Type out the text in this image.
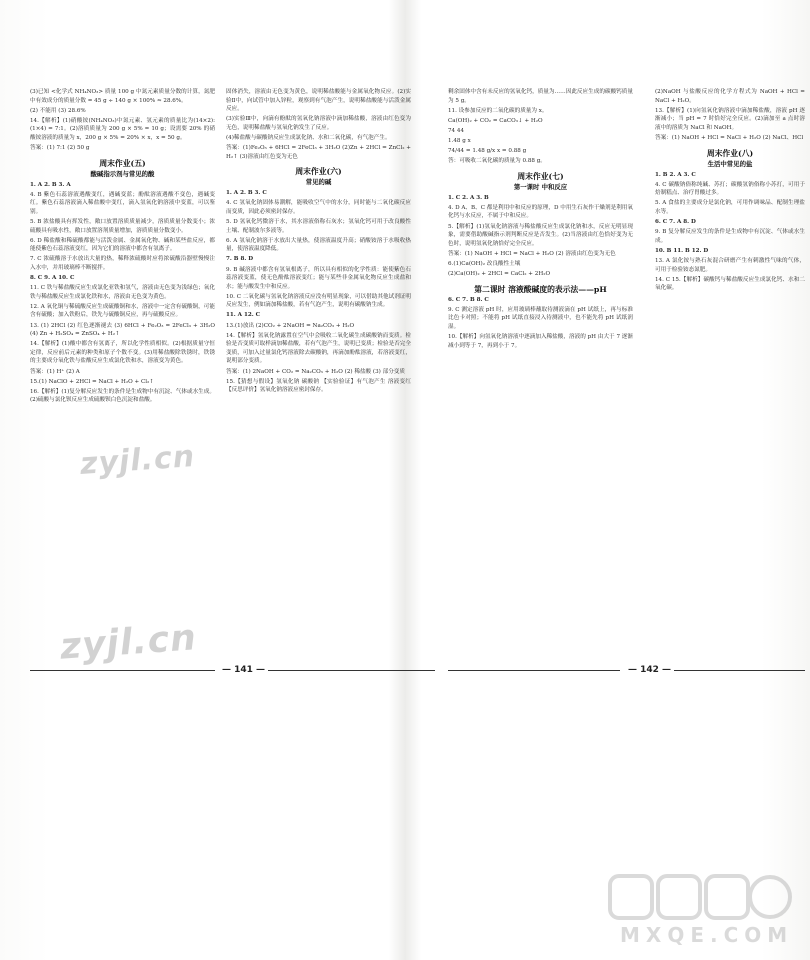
(3)已知 <化学式 NH₄NO₃> 质量 100 g 中氮元素质量分数的计算，氮肥中有效成分的质量分数 = 45 g ÷ 140 g × 100% ≈ 28.6%。

(2) 不能用 (3) 28.6%

14.【解析】(1)硝酸铵(NH₄NO₃)中氮元素、氢元素的质量比为(14×2):(1×4) = 7:1。(2)溶质质量为 200 g × 5% = 10 g；设需要 20% 的硝酸铵溶液的质量为 x，200 g × 5% = 20% × x，x = 50 g。

答案：(1) 7:1 (2) 50 g

周末作业(五)
酸碱指示剂与常见的酸

1. A 2. B 3. A

4. B 紫色石蕊溶液遇酸变红，遇碱变蓝；酚酞溶液遇酸不变色，遇碱变红。紫色石蕊溶液滴入稀盐酸中变红，滴入氢氧化钠溶液中变蓝，可以鉴别。

5. B 浓盐酸具有挥发性，敞口放置溶质质量减少，溶质质量分数变小；浓硫酸具有吸水性，敞口放置溶剂质量增加，溶质质量分数变小。

6. D 稀盐酸和稀硫酸都能与活泼金属、金属氧化物、碱和某些盐反应，都能使紫色石蕊溶液变红，因为它们的溶液中都含有氢离子。

7. C 浓硫酸溶于水放出大量的热，稀释浓硫酸时应将浓硫酸沿器壁慢慢注入水中，并用玻璃棒不断搅拌。

8. C 9. A 10. C

11. C 铁与稀盐酸反应生成氯化亚铁和氢气，溶液由无色变为浅绿色；氧化铁与稀盐酸反应生成氯化铁和水，溶液由无色变为黄色。

12. A 氧化铜与稀硫酸反应生成硫酸铜和水，溶液中一定含有硫酸铜，可能含有硫酸；加入铁粉后，铁先与硫酸铜反应，再与硫酸反应。

13. (1) 2HCl (2) 红色逐渐褪去 (3) 6HCl + Fe₂O₃ = 2FeCl₃ + 3H₂O (4) Zn + H₂SO₄ = ZnSO₄ + H₂↑

14.【解析】(1)酸中都含有氢离子，所以化学性质相似。(2)根据质量守恒定律，反应前后元素的种类和原子个数不变。(3)用稀盐酸除铁锈时，铁锈的主要成分氧化铁与盐酸反应生成氯化铁和水，溶液变为黄色。

答案：(1) H⁺ (2) A

15.(1) NaClO + 2HCl = NaCl + H₂O + Cl₂↑

16.【解析】(1)复分解反应发生的条件是生成物中有沉淀、气体或水生成。(2)硫酸与氯化钡反应生成硫酸钡白色沉淀和盐酸。

固体消失，溶液由无色变为黄色，说明稀盐酸能与金属氧化物反应。(2)实验Ⅱ中，向试管中加入锌粒，观察到有气泡产生，说明稀盐酸能与活泼金属反应。

(3)实验Ⅲ中，向滴有酚酞的氢氧化钠溶液中滴加稀盐酸，溶液由红色变为无色，说明稀盐酸与氢氧化钠发生了反应。

(4)稀盐酸与碳酸钠反应生成氯化钠、水和二氧化碳，有气泡产生。

答案：(1)Fe₂O₃ + 6HCl = 2FeCl₃ + 3H₂O (2)Zn + 2HCl = ZnCl₂ + H₂↑ (3)溶液由红色变为无色

周末作业(六)
常见的碱

1. A 2. B 3. C

4. C 氢氧化钠固体易潮解，能吸收空气中的水分，同时能与二氧化碳反应而变质，因此必须密封保存。

5. D 氢氧化钙微溶于水，其水溶液俗称石灰水；氢氧化钙可用于改良酸性土壤、配制波尔多液等。

6. A 氢氧化钠溶于水放出大量热，使溶液温度升高；硝酸铵溶于水吸收热量，使溶液温度降低。

7. B 8. D

9. B 碱溶液中都含有氢氧根离子，所以具有相似的化学性质：能使紫色石蕊溶液变蓝，使无色酚酞溶液变红；能与某些非金属氧化物反应生成盐和水；能与酸发生中和反应。

10. C 二氧化碳与氢氧化钠溶液反应没有明显现象，可以借助其他试剂证明反应发生，例如滴加稀盐酸，若有气泡产生，说明有碳酸钠生成。

11. A 12. C

13.(1)放出 (2)CO₂ + 2NaOH = Na₂CO₃ + H₂O

14.【解析】氢氧化钠露置在空气中会吸收二氧化碳生成碳酸钠而变质。检验是否变质可取样滴加稀盐酸，若有气泡产生，说明已变质；检验是否完全变质，可加入过量氯化钙溶液除去碳酸钠，再滴加酚酞溶液，若溶液变红，说明部分变质。

答案：(1) 2NaOH + CO₂ = Na₂CO₃ + H₂O (2) 稀盐酸 (3) 部分变质

15.【猜想与假设】氢氧化钠 碳酸钠 【实验验证】有气泡产生 溶液变红 【反思评价】氢氧化钠溶液应密封保存。

剩余固体中含有未反应的氢氧化钙，质量为……因此反应生成的碳酸钙质量为 5 g。

11. 设参加反应的二氧化碳的质量为 x。

Ca(OH)₂ + CO₂ = CaCO₃↓ + H₂O

74 44

1.48 g x

74/44 = 1.48 g/x x = 0.88 g

答：可吸收二氧化碳的质量为 0.88 g。

周末作业(七)
第一课时 中和反应

1. C 2. A 3. B

4. D A、B、C 都是利用中和反应的原理，D 中用生石灰作干燥剂是利用氧化钙与水反应，不属于中和反应。

5.【解析】(1)氢氧化钠溶液与稀盐酸反应生成氯化钠和水，反应无明显现象，需要借助酸碱指示剂判断反应是否发生。(2)当溶液由红色恰好变为无色时，说明氢氧化钠恰好完全反应。

答案：(1) NaOH + HCl = NaCl + H₂O (2) 溶液由红色变为无色

6.(1)Ca(OH)₂ 改良酸性土壤

(2)Ca(OH)₂ + 2HCl = CaCl₂ + 2H₂O

第二课时 溶液酸碱度的表示法——pH

6. C 7. B 8. C

9. C 测定溶液 pH 时，应用玻璃棒蘸取待测液滴在 pH 试纸上，再与标准比色卡对照；不能将 pH 试纸直接浸入待测液中，也不能先将 pH 试纸润湿。

10.【解析】向氢氧化钠溶液中逐滴加入稀盐酸，溶液的 pH 由大于 7 逐渐减小到等于 7，再到小于 7。

(2)NaOH 与盐酸反应的化学方程式为 NaOH + HCl = NaCl + H₂O。

13.【解析】(1)向氢氧化钠溶液中滴加稀盐酸，溶液 pH 逐渐减小；当 pH = 7 时恰好完全反应。(2)滴加至 a 点时溶液中的溶质为 NaCl 和 NaOH。

答案：(1) NaOH + HCl = NaCl + H₂O (2) NaCl、HCl

周末作业(八)
生活中常见的盐

1. B 2. A 3. C

4. C 碳酸钠俗称纯碱、苏打；碳酸氢钠俗称小苏打，可用于焙制糕点、治疗胃酸过多。

5. A 食盐的主要成分是氯化钠，可用作调味品、配制生理盐水等。

6. C 7. A 8. D

9. B 复分解反应发生的条件是生成物中有沉淀、气体或水生成。

10. B 11. B 12. D

13. A 氯化铵与熟石灰混合研磨产生有刺激性气味的气体，可用于检验铵态氮肥。

14. C 15.【解析】碳酸钙与稀盐酸反应生成氯化钙、水和二氧化碳。

— 141 —	— 142 —
zyjl.cn
zyjl.cn
MXQE.COM
